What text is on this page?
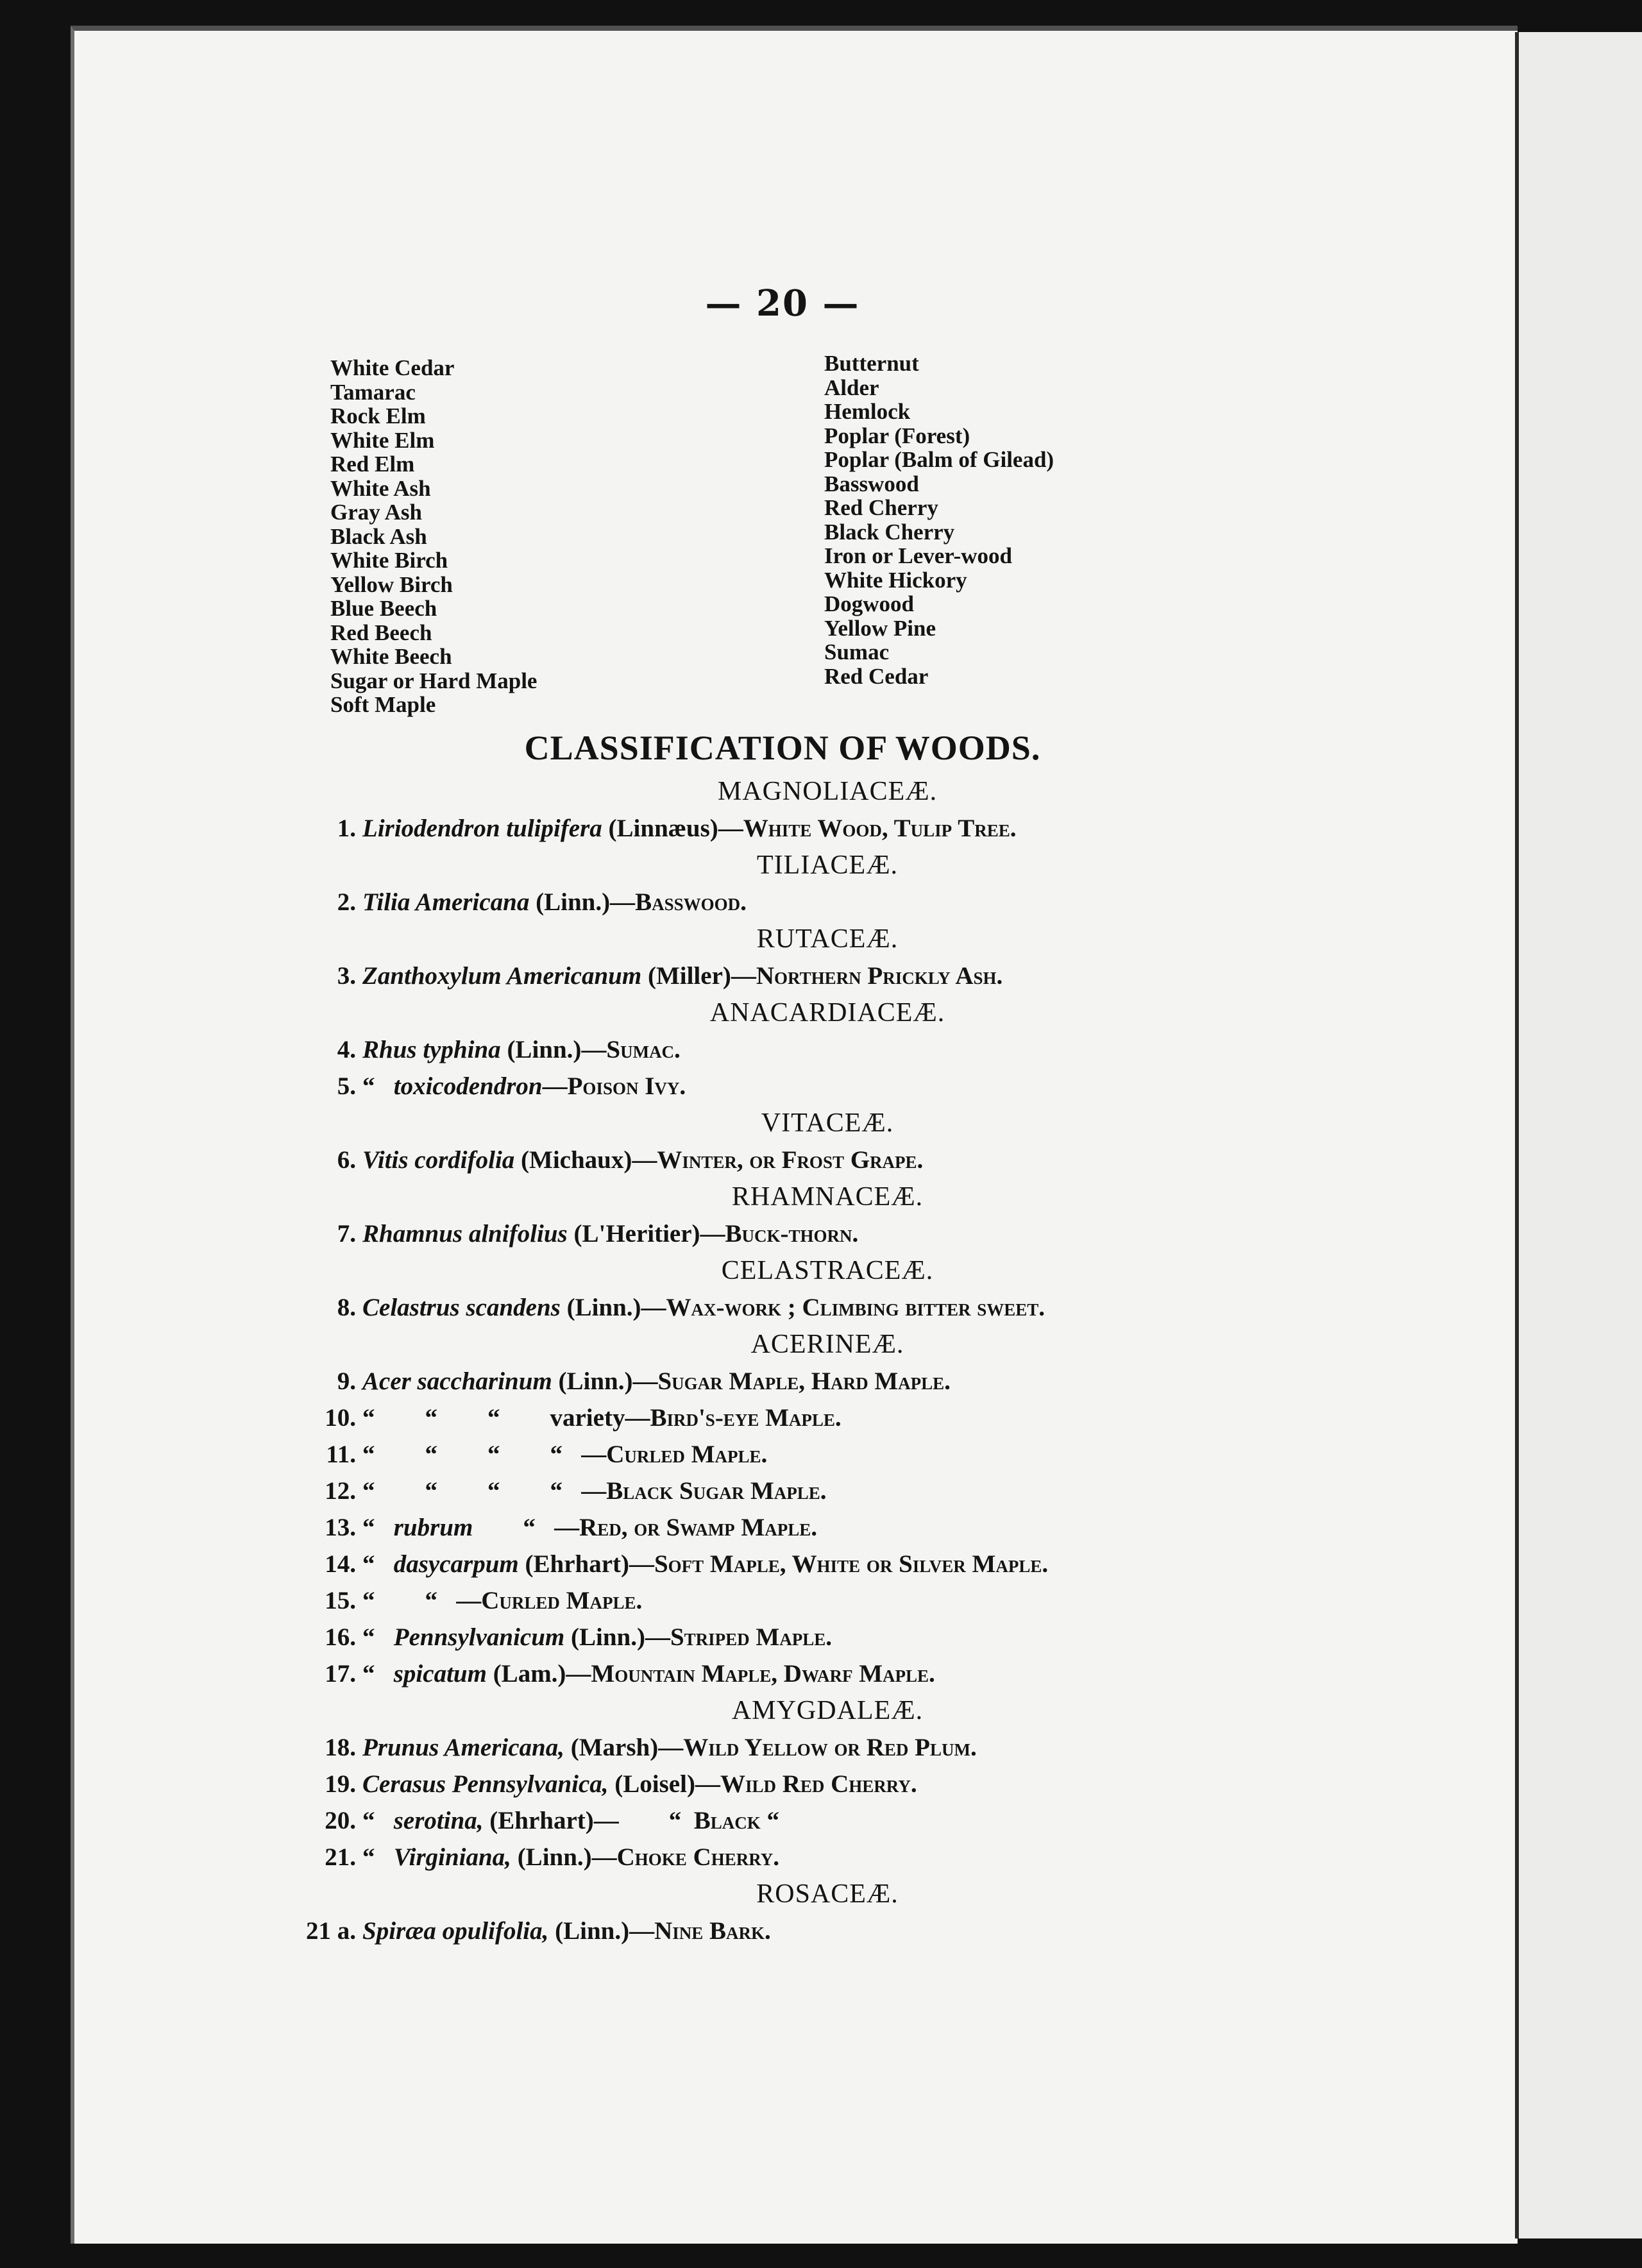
— 20 —
White Cedar
Tamarac
Rock Elm
White Elm
Red Elm
White Ash
Gray Ash
Black Ash
White Birch
Yellow Birch
Blue Beech
Red Beech
White Beech
Sugar or Hard Maple
Soft Maple
Butternut
Alder
Hemlock
Poplar (Forest)
Poplar (Balm of Gilead)
Basswood
Red Cherry
Black Cherry
Iron or Lever-wood
White Hickory
Dogwood
Yellow Pine
Sumac
Red Cedar
CLASSIFICATION OF WOODS.
MAGNOLIACEÆ.
1. Liriodendron tulipifera (Linnæus)—White Wood, Tulip Tree.
TILIACEÆ.
2. Tilia Americana (Linn.)—Basswood.
RUTACEÆ.
3. Zanthoxylum Americanum (Miller)—Northern Prickly Ash.
ANACARDIACEÆ.
4. Rhus typhina (Linn.)—Sumac.
5. “   toxicodendron—Poison Ivy.
VITACEÆ.
6. Vitis cordifolia (Michaux)—Winter, or Frost Grape.
RHAMNACEÆ.
7. Rhamnus alnifolius (L'Heritier)—Buck-thorn.
CELASTRACEÆ.
8. Celastrus scandens (Linn.)—Wax-work ; Climbing bitter sweet.
ACERINEÆ.
9. Acer saccharinum (Linn.)—Sugar Maple, Hard Maple.
10. “        “        “        variety—Bird's-eye Maple.
11. “        “        “        “   —Curled Maple.
12. “        “        “        “   —Black Sugar Maple.
13. “   rubrum        “   —Red, or Swamp Maple.
14. “   dasycarpum (Ehrhart)—Soft Maple, White or Silver Maple.
15. “        “   —Curled Maple.
16. “   Pennsylvanicum (Linn.)—Striped Maple.
17. “   spicatum (Lam.)—Mountain Maple, Dwarf Maple.
AMYGDALEÆ.
18. Prunus Americana, (Marsh)—Wild Yellow or Red Plum.
19. Cerasus Pennsylvanica, (Loisel)—Wild Red Cherry.
20. “   serotina, (Ehrhart)—        “  Black “
21. “   Virginiana, (Linn.)—Choke Cherry.
ROSACEÆ.
21 a. Spiræa opulifolia, (Linn.)—Nine Bark.
